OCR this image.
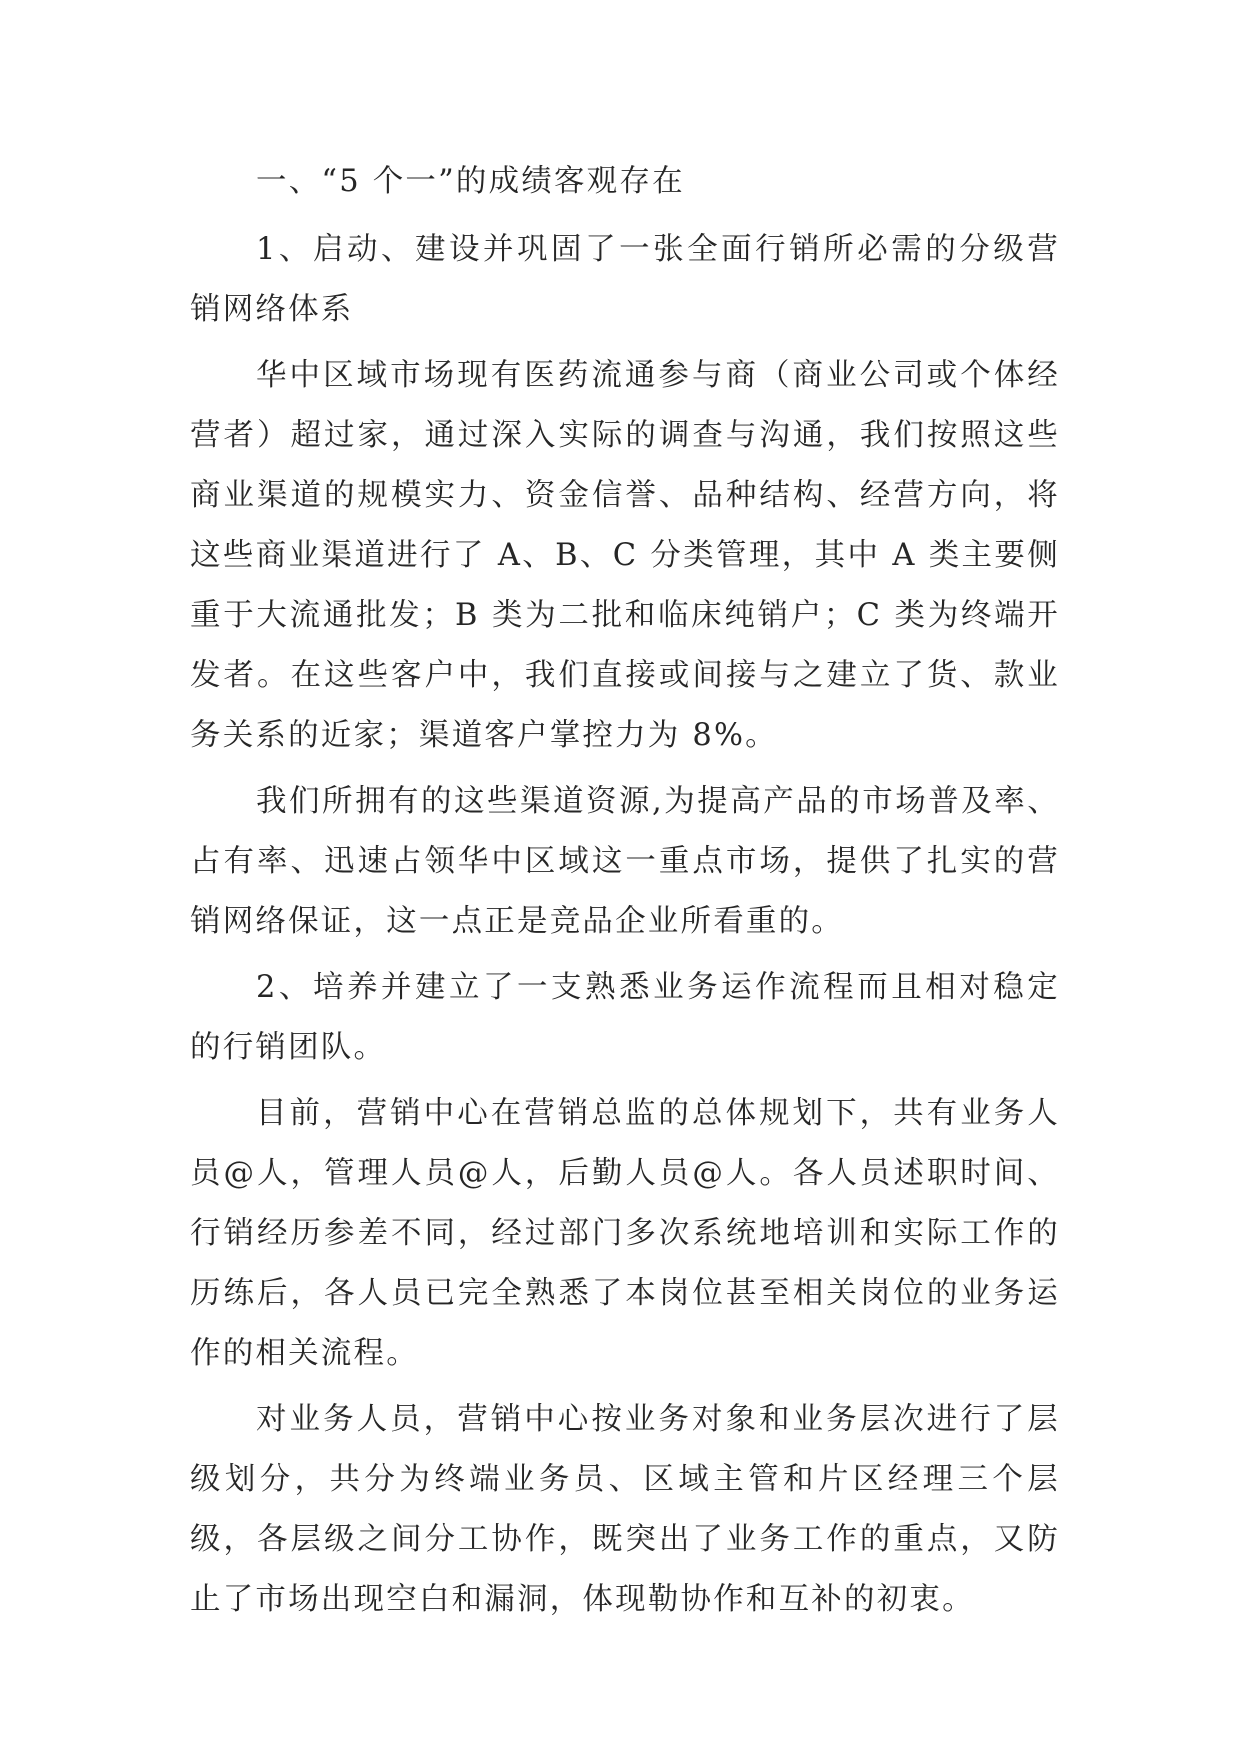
一、“5 个一”的成绩客观存在

1、启动、建设并巩固了一张全面行销所必需的分级营销网络体系

华中区域市场现有医药流通参与商（商业公司或个体经营者）超过家，通过深入实际的调查与沟通，我们按照这些商业渠道的规模实力、资金信誉、品种结构、经营方向，将这些商业渠道进行了 A、B、C 分类管理，其中 A 类主要侧重于大流通批发；B 类为二批和临床纯销户；C 类为终端开发者。在这些客户中，我们直接或间接与之建立了货、款业务关系的近家；渠道客户掌控力为 8%。

我们所拥有的这些渠道资源,为提高产品的市场普及率、占有率、迅速占领华中区域这一重点市场，提供了扎实的营销网络保证，这一点正是竞品企业所看重的。

2、培养并建立了一支熟悉业务运作流程而且相对稳定的行销团队。

目前，营销中心在营销总监的总体规划下，共有业务人员@人，管理人员@人，后勤人员@人。各人员述职时间、行销经历参差不同，经过部门多次系统地培训和实际工作的历练后，各人员已完全熟悉了本岗位甚至相关岗位的业务运作的相关流程。

对业务人员，营销中心按业务对象和业务层次进行了层级划分，共分为终端业务员、区域主管和片区经理三个层级，各层级之间分工协作，既突出了业务工作的重点，又防止了市场出现空白和漏洞，体现勒协作和互补的初衷。
